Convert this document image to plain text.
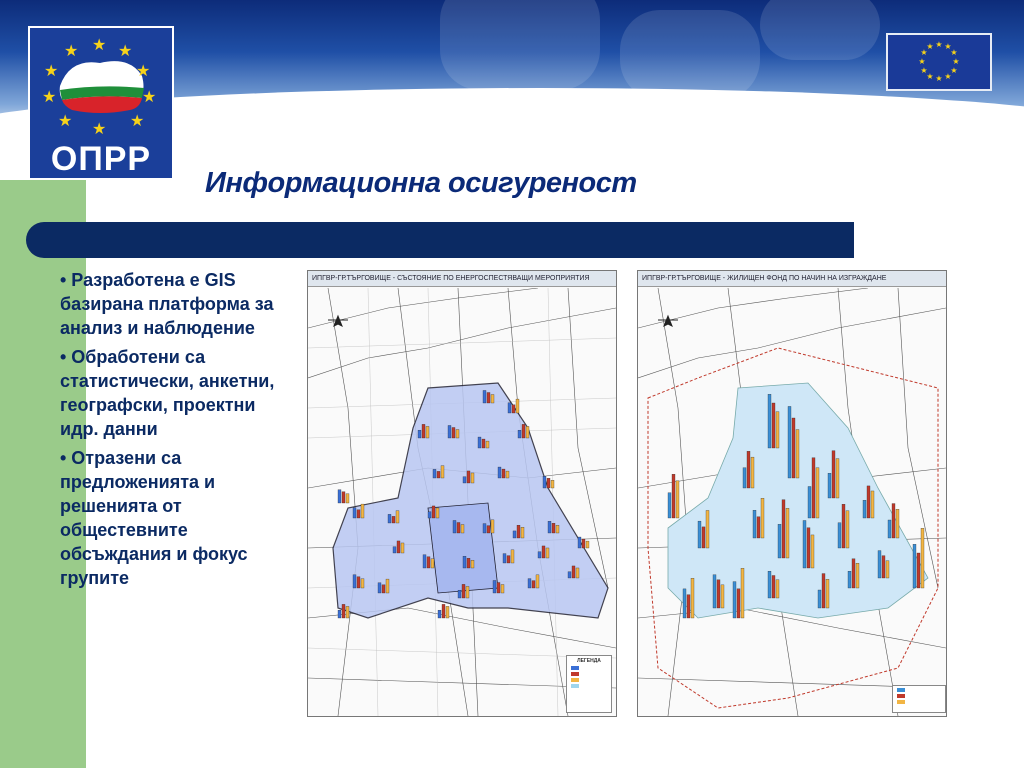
★ ★
★
★
★
★
★
★
★
★
ОПРР
★ ★
★
★
★
★
★
★
★
★
★
★
Информационна осигуреност
• Разработена е GIS базирана платформа за анализ и наблюдение
• Обработени са статистически, анкетни, географски, проектни идр. данни
• Отразени са предложенията и решенията от общестевните обсъждания и фокус групите
ИПГВР-ГР.ТЪРГОВИЩЕ - СЪСТОЯНИЕ ПО ЕНЕРГОСПЕСТЯВАЩИ МЕРОПРИЯТИЯ
ЛЕГЕНДА
ИПГВР-ГР.ТЪРГОВИЩЕ - ЖИЛИЩЕН ФОНД ПО НАЧИН НА ИЗГРАЖДАНЕ
